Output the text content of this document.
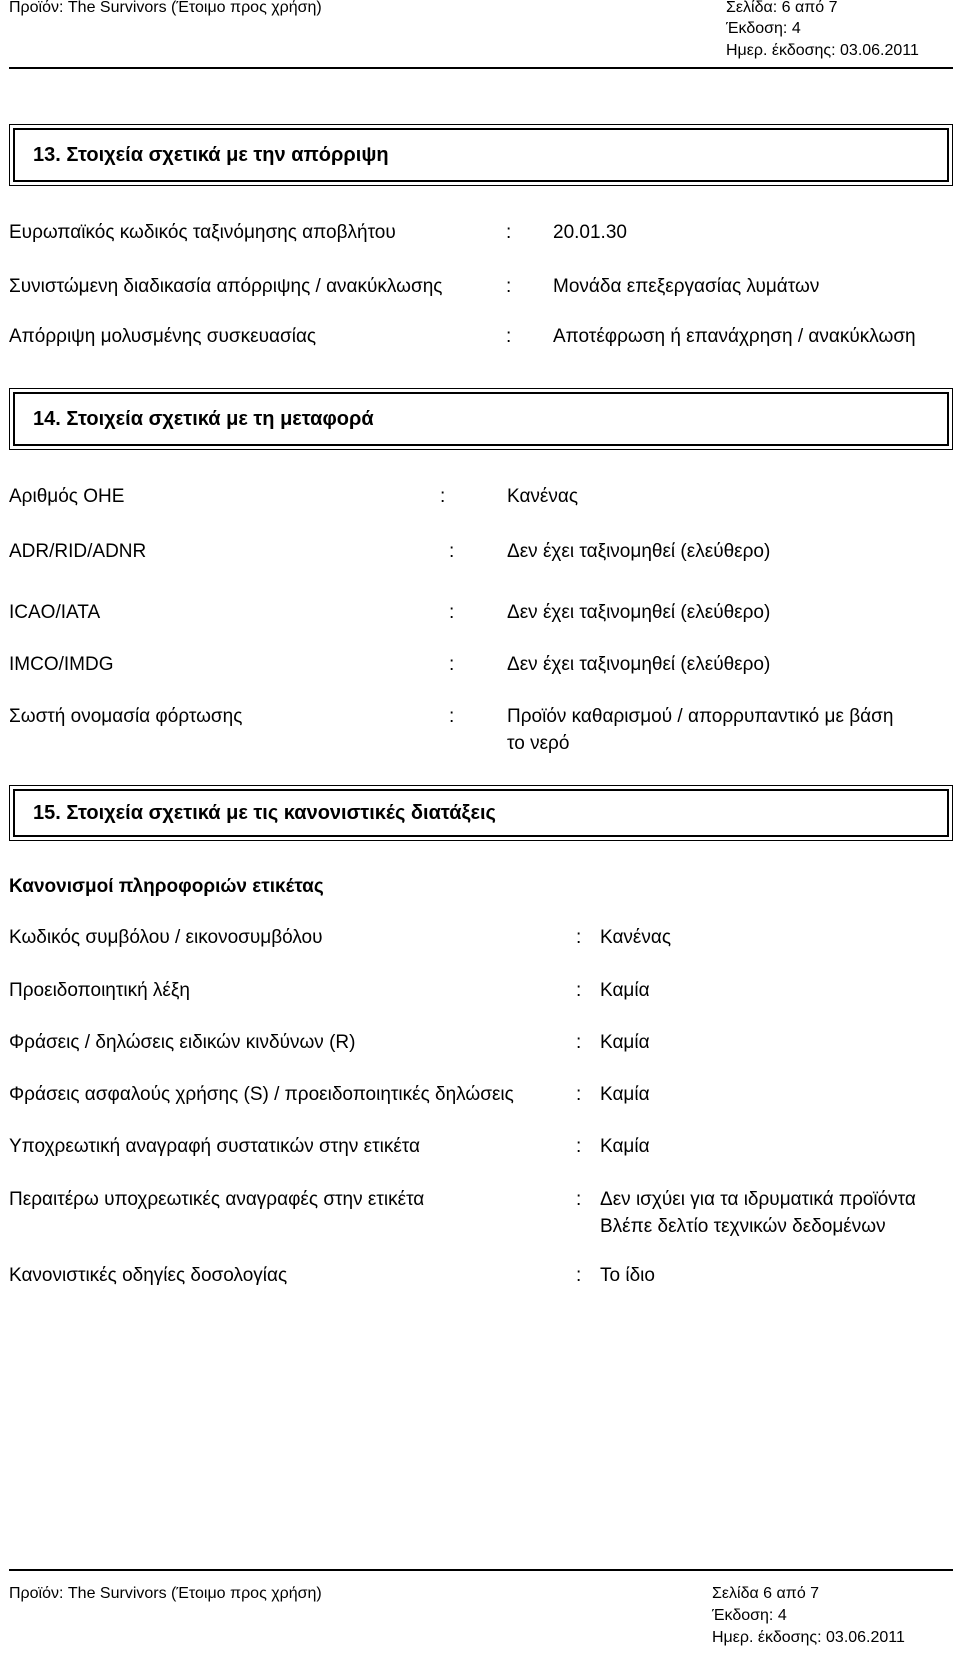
Προϊόν: The Survivors (Έτοιμο προς χρήση)	Σελίδα: 6 από 7
Έκδοση: 4
Ημερ. έκδοσης: 03.06.2011
13. Στοιχεία σχετικά με την απόρριψη
Ευρωπαϊκός κωδικός ταξινόμησης αποβλήτου	: 20.01.30
Συνιστώμενη διαδικασία απόρριψης / ανακύκλωσης	: Μονάδα επεξεργασίας λυμάτων
Απόρριψη μολυσμένης συσκευασίας	: Αποτέφρωση ή επανάχρηση / ανακύκλωση
14. Στοιχεία σχετικά με τη μεταφορά
Αριθμός ΟΗΕ	:	Κανένας
ADR/RID/ADNR	:	Δεν έχει ταξινομηθεί (ελεύθερο)
ICAO/IATA	:	Δεν έχει ταξινομηθεί (ελεύθερο)
IMCO/IMDG	:	Δεν έχει ταξινομηθεί (ελεύθερο)
Σωστή ονομασία φόρτωσης	:	Προϊόν καθαρισμού / απορρυπαντικό με βάση
το νερό
15. Στοιχεία σχετικά με τις κανονιστικές διατάξεις
Κανονισμοί πληροφοριών ετικέτας
Κωδικός συμβόλου / εικονοσυμβόλου	: Κανένας
Προειδοποιητική λέξη	: Καμία
Φράσεις / δηλώσεις ειδικών κινδύνων (R)	: Καμία
Φράσεις ασφαλούς χρήσης (S) / προειδοποιητικές δηλώσεις	: Καμία
Υποχρεωτική αναγραφή συστατικών στην ετικέτα	: Καμία
Περαιτέρω υποχρεωτικές αναγραφές στην ετικέτα	: Δεν ισχύει για τα ιδρυματικά προϊόντα
Βλέπε δελτίο τεχνικών δεδομένων
Κανονιστικές οδηγίες δοσολογίας	: Το ίδιο
Προϊόν: The Survivors (Έτοιμο προς χρήση)	Σελίδα 6 από 7
Έκδοση: 4
Ημερ. έκδοσης: 03.06.2011
